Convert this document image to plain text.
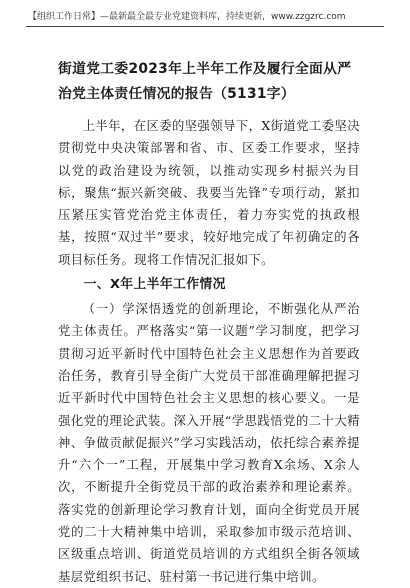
【组织工作日常】—最新最全最专业党建资料库，持续更新，www.zzgzrc.com
街道党工委2023年上半年工作及履行全面从严治党主体责任情况的报告（5131字）

上半年，在区委的坚强领导下，X街道党工委坚决贯彻党中央决策部署和省、市、区委工作要求，坚持以党的政治建设为统领，以推动实现乡村振兴为目标，聚焦“振兴新突破、我要当先锋”专项行动，紧扣压紧压实管党治党主体责任，着力夯实党的执政根基，按照“双过半”要求，较好地完成了年初确定的各项目标任务。现将工作情况汇报如下。

一、X年上半年工作情况

（一）学深悟透党的创新理论，不断强化从严治党主体责任。严格落实“第一议题”学习制度，把学习贯彻习近平新时代中国特色社会主义思想作为首要政治任务，教育引导全街广大党员干部准确理解把握习近平新时代中国特色社会主义思想的核心要义。一是强化党的理论武装。深入开展“学思践悟党的二十大精神、争做贡献促振兴”学习实践活动，依托综合素养提升“六个一”工程，开展集中学习教育X余场、X余人次，不断提升全街党员干部的政治素养和理论素养。落实党的创新理论学习教育计划，面向全街党员开展党的二十大精神集中培训，采取参加市级示范培训、区级重点培训、街道党员培训的方式组织全街各领域基层党组织书记、驻村第一书记进行集中培训。
